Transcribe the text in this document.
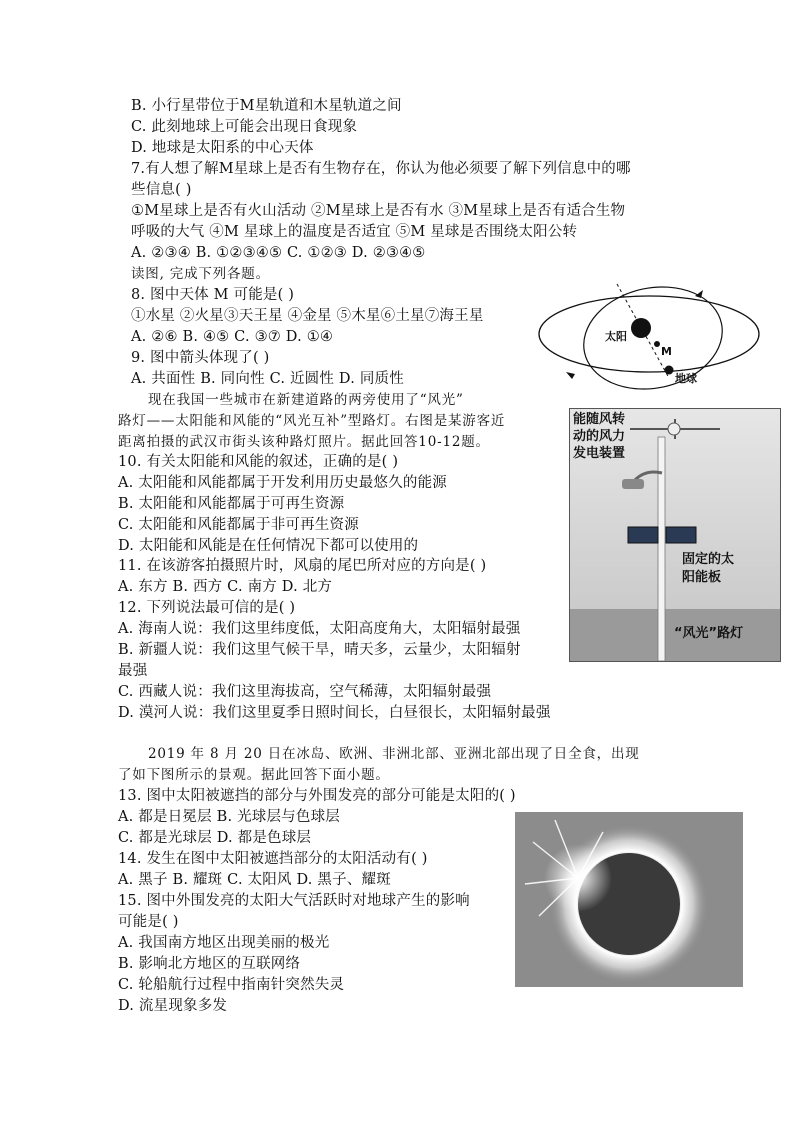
B. 小行星带位于M星轨道和木星轨道之间
C. 此刻地球上可能会出现日食现象
D. 地球是太阳系的中心天体
7.有人想了解M星球上是否有生物存在，你认为他必须要了解下列信息中的哪
些信息( )
①M星球上是否有火山活动 ②M星球上是否有水 ③M星球上是否有适合生物
呼吸的大气 ④M 星球上的温度是否适宜 ⑤M 星球是否围绕太阳公转
A. ②③④ B. ①②③④⑤ C. ①②③ D. ②③④⑤
读图, 完成下列各题。
8. 图中天体 M 可能是( )
①水星 ②火星③天王星 ④金星 ⑤木星⑥土星⑦海王星
A. ②⑥ B. ④⑤ C. ③⑦ D. ①④
9. 图中箭头体现了( )
A. 共面性 B. 同向性 C. 近圆性 D. 同质性
现在我国一些城市在新建道路的两旁使用了“风光”
路灯——太阳能和风能的“风光互补”型路灯。右图是某游客近
距离拍摄的武汉市街头该种路灯照片。据此回答10-12题。
10. 有关太阳能和风能的叙述，正确的是( )
A. 太阳能和风能都属于开发利用历史最悠久的能源
B. 太阳能和风能都属于可再生资源
C. 太阳能和风能都属于非可再生资源
D. 太阳能和风能是在任何情况下都可以使用的
11. 在该游客拍摄照片时，风扇的尾巴所对应的方向是( )
A. 东方 B. 西方 C. 南方 D. 北方
12. 下列说法最可信的是( )
A. 海南人说：我们这里纬度低，太阳高度角大，太阳辐射最强
B. 新疆人说：我们这里气候干旱，晴天多，云量少，太阳辐射
最强
C. 西藏人说：我们这里海拔高，空气稀薄，太阳辐射最强
D. 漠河人说：我们这里夏季日照时间长，白昼很长，太阳辐射最强
2019 年 8 月 20 日在冰岛、欧洲、非洲北部、亚洲北部出现了日全食，出现
了如下图所示的景观。据此回答下面小题。
13. 图中太阳被遮挡的部分与外围发亮的部分可能是太阳的( )
A. 都是日冕层 B. 光球层与色球层
C. 都是光球层 D. 都是色球层
14. 发生在图中太阳被遮挡部分的太阳活动有( )
A. 黑子 B. 耀斑 C. 太阳风 D. 黑子、耀斑
15. 图中外围发亮的太阳大气活跃时对地球产生的影响
可能是( )
A. 我国南方地区出现美丽的极光
B. 影响北方地区的互联网络
C. 轮船航行过程中指南针突然失灵
D. 流星现象多发
太阳
M
地球
能随风转
动的风力
发电装置
固定的太
阳能板
“风光”路灯
